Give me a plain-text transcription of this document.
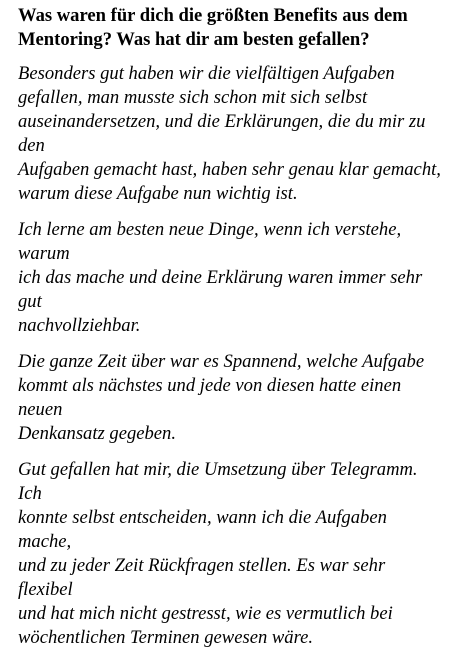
Was waren für dich die größten Benefits aus dem Mentoring? Was hat dir am besten gefallen?

Besonders gut haben wir die vielfältigen Aufgaben
gefallen, man musste sich schon mit sich selbst
auseinandersetzen, und die Erklärungen, die du mir zu den
Aufgaben gemacht hast, haben sehr genau klar gemacht,
warum diese Aufgabe nun wichtig ist.

Ich lerne am besten neue Dinge, wenn ich verstehe, warum
ich das mache und deine Erklärung waren immer sehr gut
nachvollziehbar.

Die ganze Zeit über war es Spannend, welche Aufgabe
kommt als nächstes und jede von diesen hatte einen neuen
Denkansatz gegeben.

Gut gefallen hat mir, die Umsetzung über Telegramm. Ich
konnte selbst entscheiden, wann ich die Aufgaben mache,
und zu jeder Zeit Rückfragen stellen. Es war sehr flexibel
und hat mich nicht gestresst, wie es vermutlich bei
wöchentlichen Terminen gewesen wäre.
